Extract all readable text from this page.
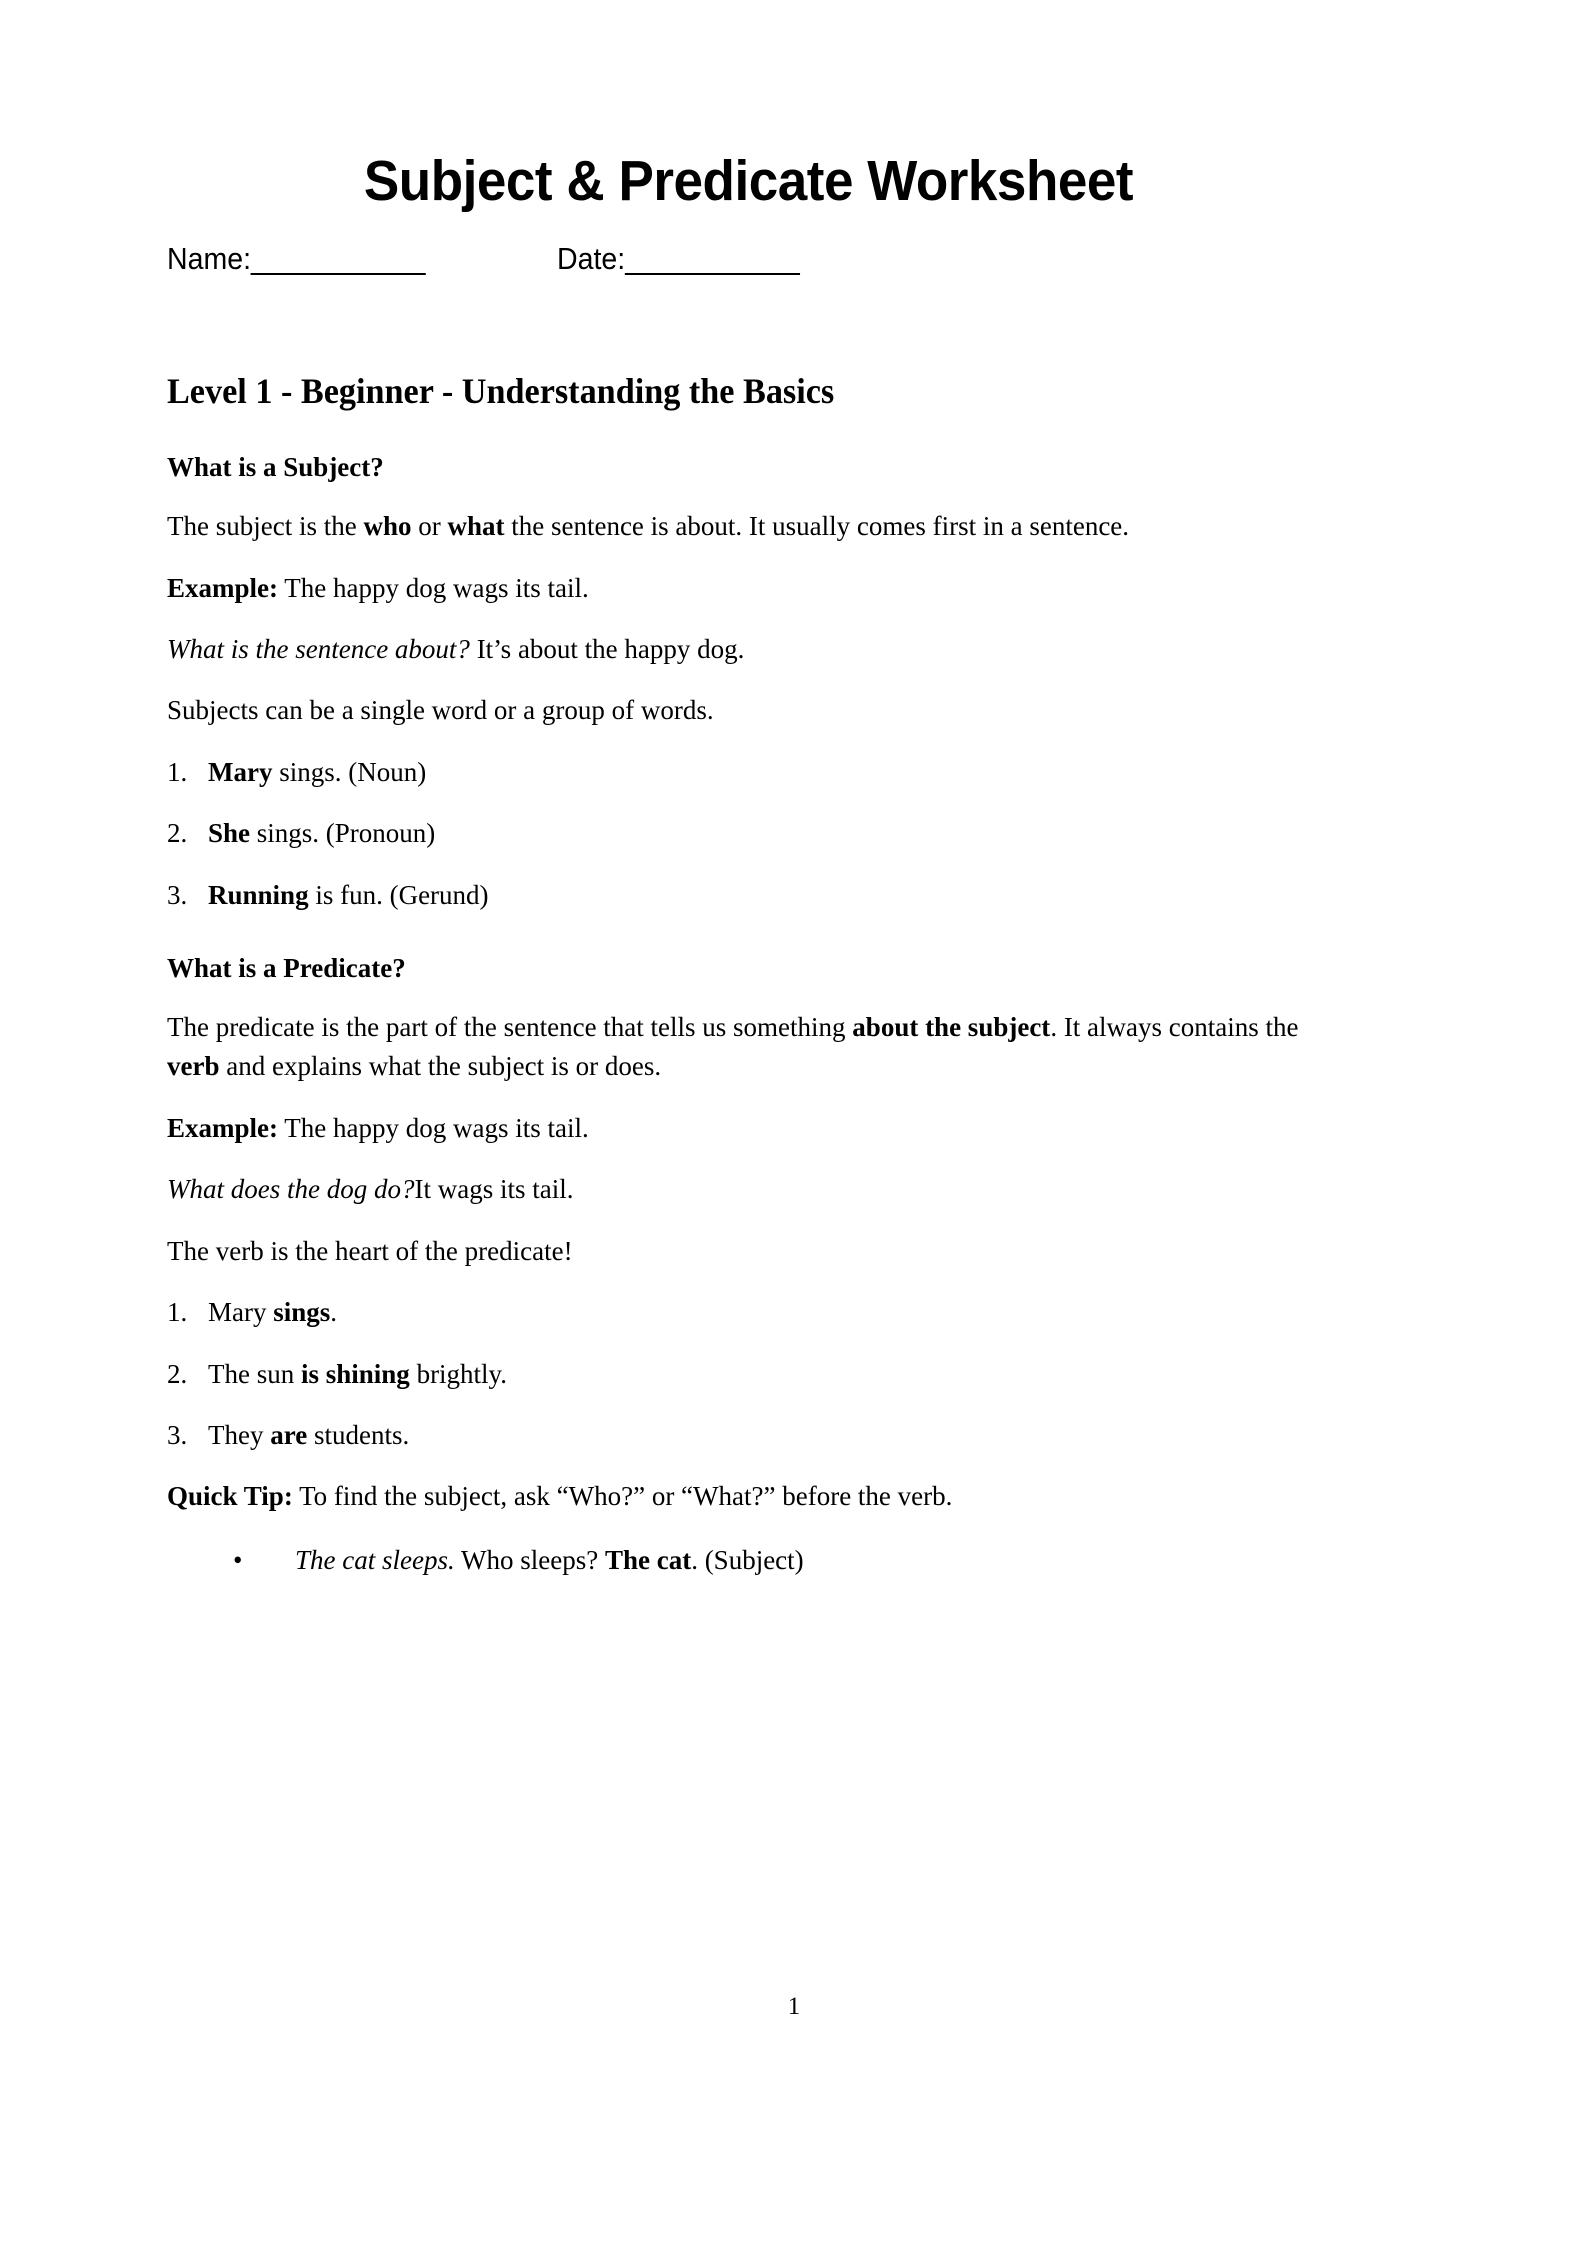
Subject & Predicate Worksheet

Name:___________	Date:___________

Level 1 - Beginner - Understanding the Basics
What is a Subject?

The subject is the who or what the sentence is about. It usually comes first in a sentence.

Example: The happy dog wags its tail.

What is the sentence about? It’s about the happy dog.

Subjects can be a single word or a group of words.

1. Mary sings. (Noun)
2. She sings. (Pronoun)
3. Running is fun. (Gerund)
What is a Predicate?

The predicate is the part of the sentence that tells us something about the subject. It always contains the verb and explains what the subject is or does.

Example: The happy dog wags its tail.

What does the dog do?It wags its tail.

The verb is the heart of the predicate!

1. Mary sings.
2. The sun is shining brightly.
3. They are students.

Quick Tip: To find the subject, ask “Who?” or “What?” before the verb.

• The cat sleeps. Who sleeps? The cat. (Subject)

1
